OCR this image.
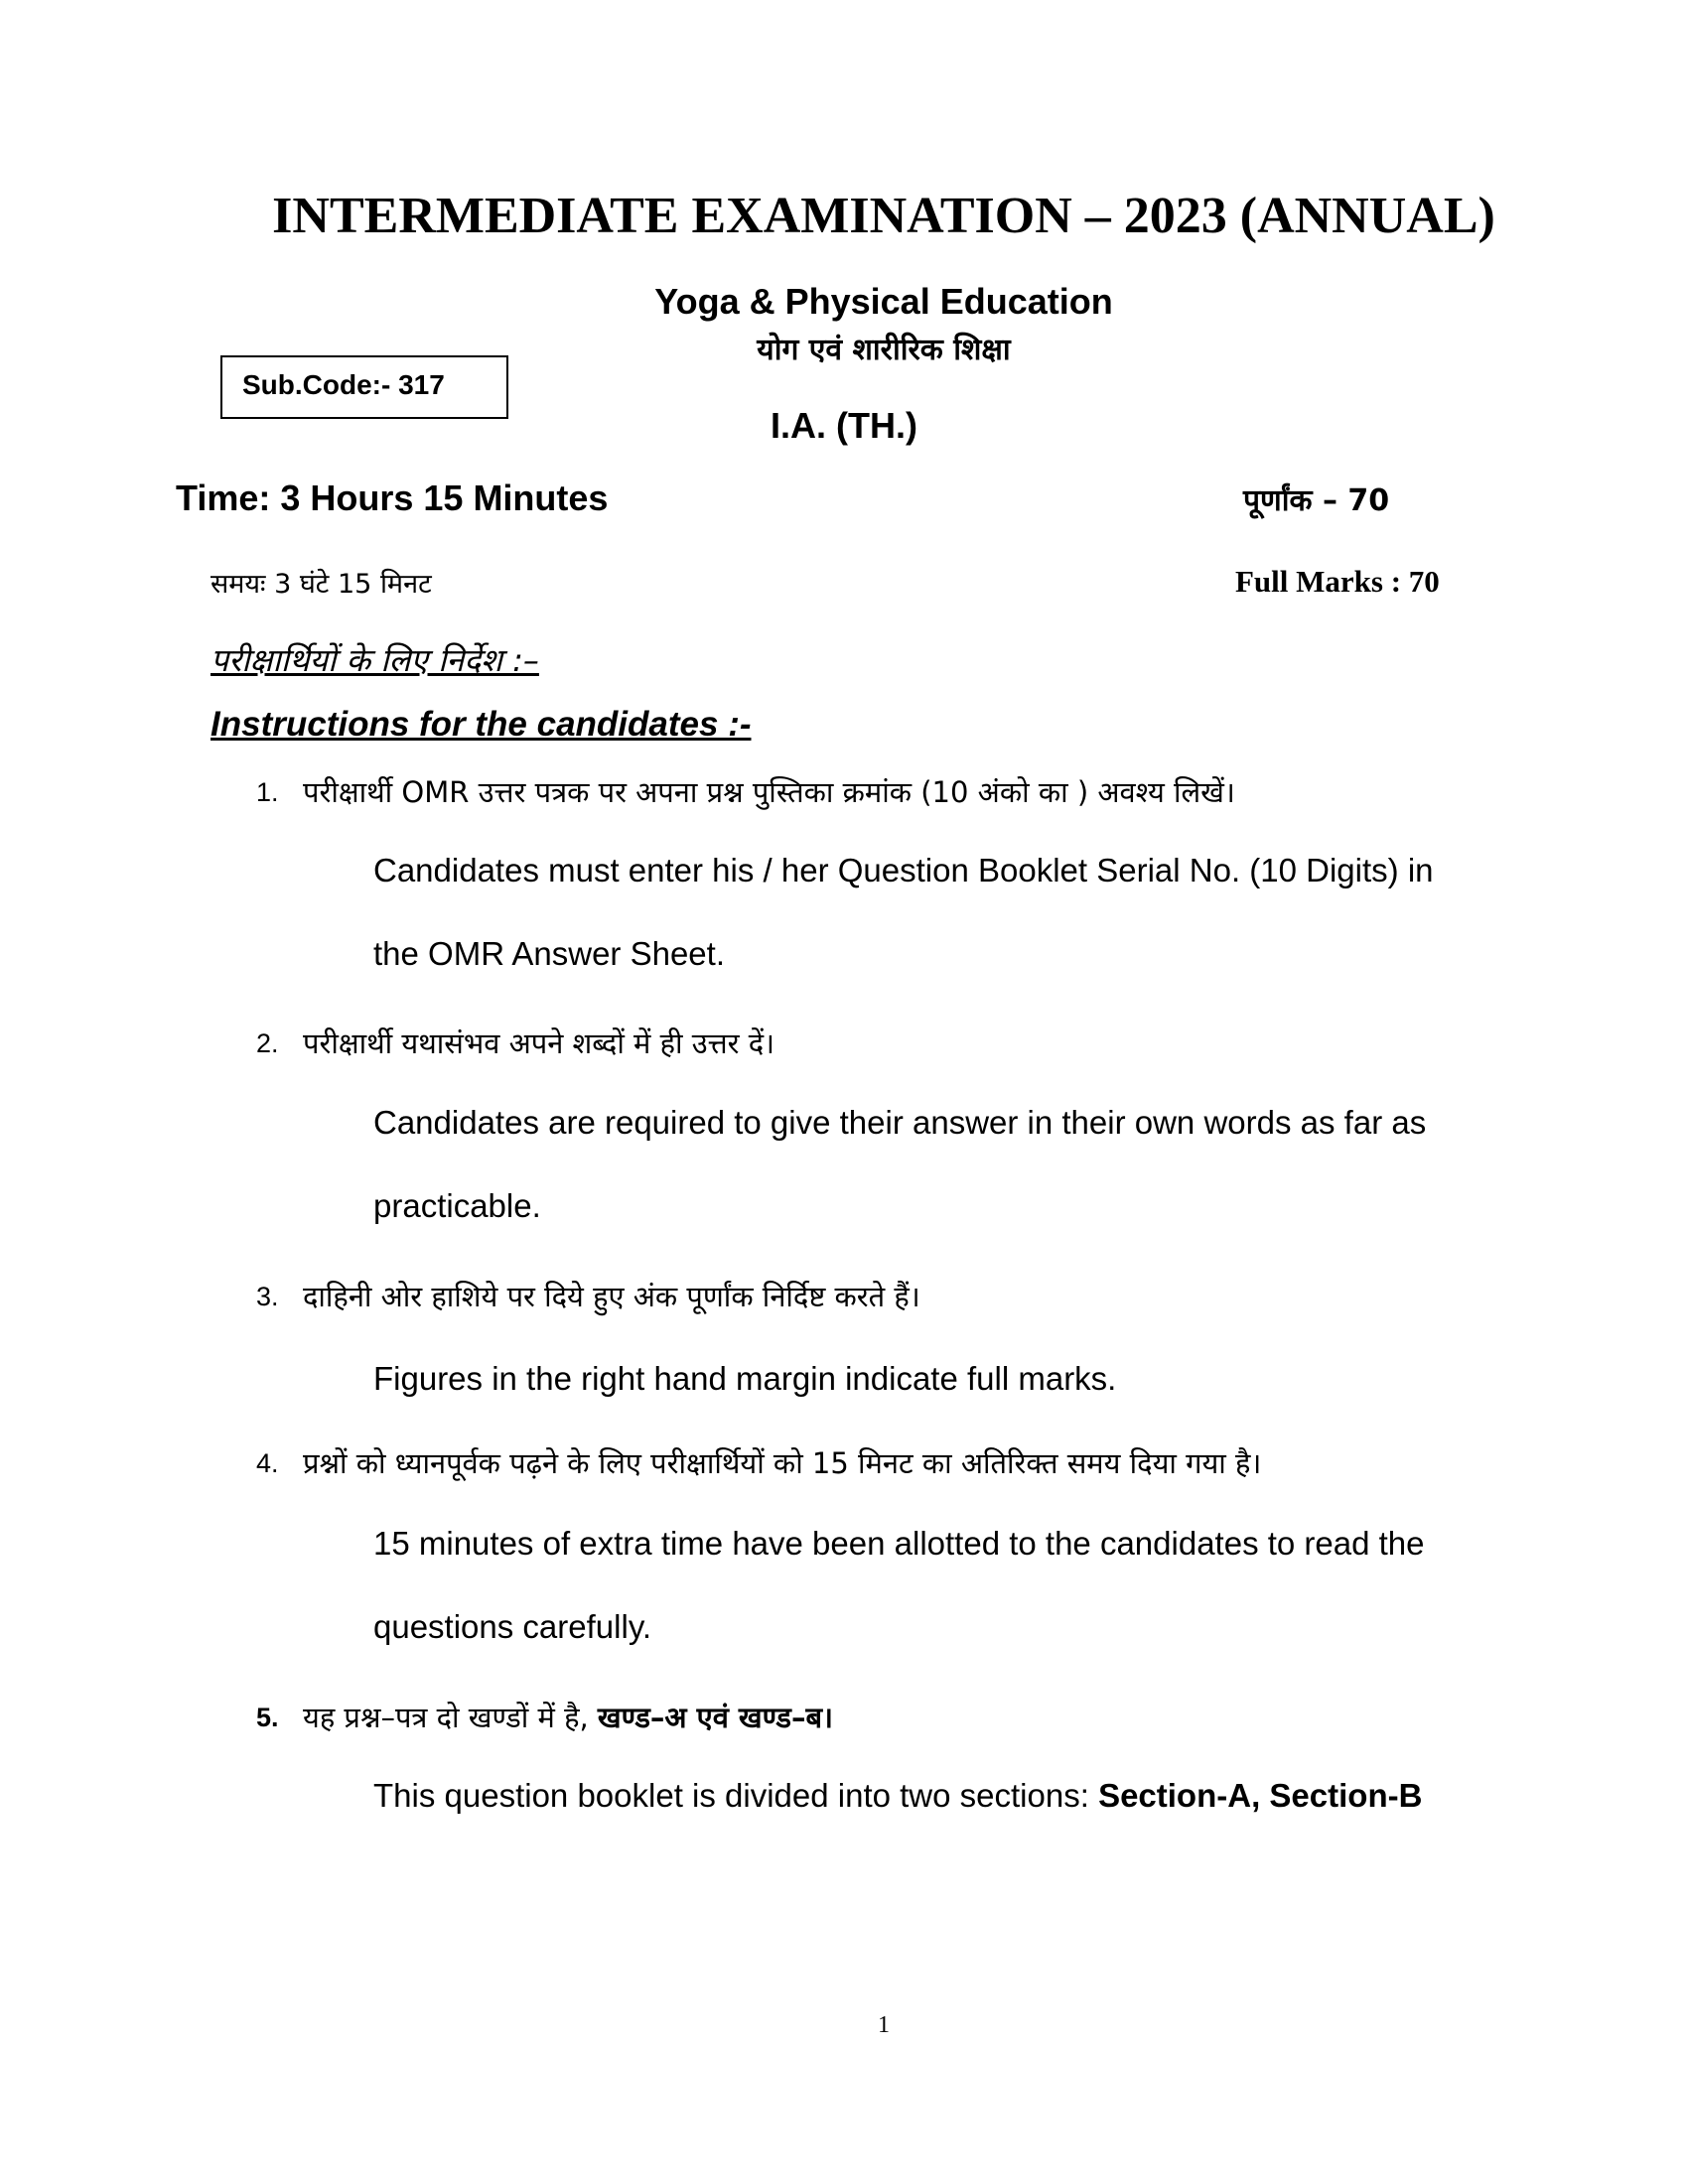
INTERMEDIATE EXAMINATION – 2023 (ANNUAL)
Yoga & Physical Education
योग एवं शारीरिक शिक्षा
Sub.Code:- 317
I.A. (TH.)
Time: 3 Hours 15 Minutes	पूर्णांक – 70
समयः 3 घंटे 15 मिनट	Full Marks : 70
परीक्षार्थियों के लिए निर्देश :–
Instructions for the candidates :-
1. परीक्षार्थी OMR उत्तर पत्रक पर अपना प्रश्न पुस्तिका क्रमांक (10 अंको का ) अवश्य लिखें।
Candidates must enter his / her Question Booklet Serial No. (10 Digits) in
the OMR Answer Sheet.
2. परीक्षार्थी यथासंभव अपने शब्दों में ही उत्तर दें।
Candidates are required to give their answer in their own words as far as
practicable.
3. दाहिनी ओर हाशिये पर दिये हुए अंक पूर्णांक निर्दिष्ट करते हैं।
Figures in the right hand margin indicate full marks.
4. प्रश्नों को ध्यानपूर्वक पढ़ने के लिए परीक्षार्थियों को 15 मिनट का अतिरिक्त समय दिया गया है।
15 minutes of extra time have been allotted to the candidates to read the
questions carefully.
5. यह प्रश्न–पत्र दो खण्डों में है, खण्ड–अ एवं खण्ड–ब।
This question booklet is divided into two sections: Section-A, Section-B
1
